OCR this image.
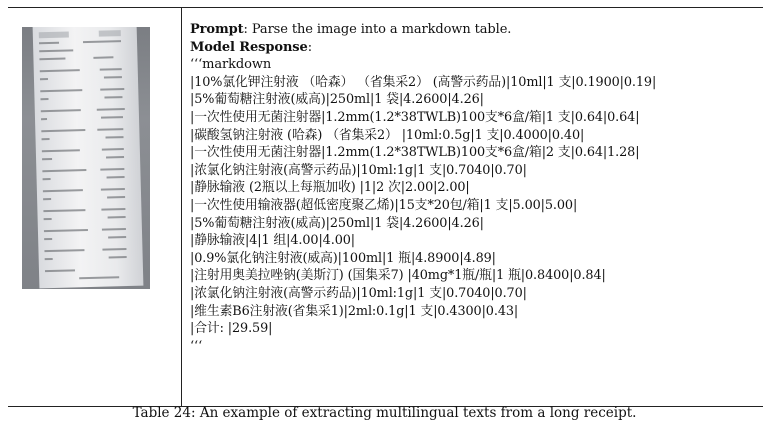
Prompt: Parse the image into a markdown table.
Model Response:
‘‘‘markdown
|10%氯化钾注射液 （哈森） （省集采2） (高警示药品)|10ml|1 支|0.1900|0.19|
|5%葡萄糖注射液(威高)|250ml|1 袋|4.2600|4.26|
|一次性使用无菌注射器|1.2mm(1.2*38TWLB)100支*6盒/箱|1 支|0.64|0.64|
|碳酸氢钠注射液 (哈森) （省集采2） |10ml:0.5g|1 支|0.4000|0.40|
|一次性使用无菌注射器|1.2mm(1.2*38TWLB)100支*6盒/箱|2 支|0.64|1.28|
|浓氯化钠注射液(高警示药品)|10ml:1g|1 支|0.7040|0.70|
|静脉输液 (2瓶以上每瓶加收) |1|2 次|2.00|2.00|
|一次性使用输液器(超低密度聚乙烯)|15支*20包/箱|1 支|5.00|5.00|
|5%葡萄糖注射液(威高)|250ml|1 袋|4.2600|4.26|
|静脉输液|4|1 组|4.00|4.00|
|0.9%氯化钠注射液(威高)|100ml|1 瓶|4.8900|4.89|
|注射用奥美拉唑钠(美斯汀) (国集采7) |40mg*1瓶/瓶|1 瓶|0.8400|0.84|
|浓氯化钠注射液(高警示药品)|10ml:1g|1 支|0.7040|0.70|
|维生素B6注射液(省集采1)|2ml:0.1g|1 支|0.4300|0.43|
|合计: |29.59|
‘‘‘
Table 24: An example of extracting multilingual texts from a long receipt.
